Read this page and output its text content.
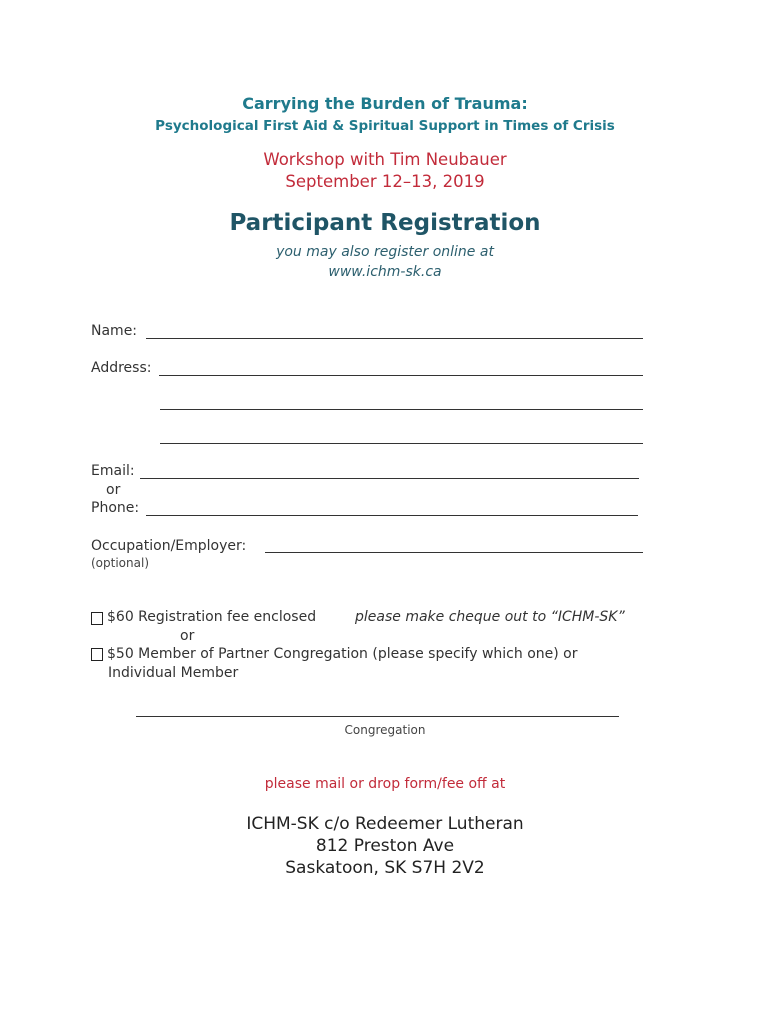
Carrying the Burden of Trauma:
Psychological First Aid & Spiritual Support in Times of Crisis
Workshop with Tim Neubauer
September 12–13, 2019
Participant Registration
you may also register online at
www.ichm-sk.ca
Name:
Address:
Email:
or
Phone:
Occupation/Employer:
(optional)
$60 Registration fee enclosed	please make cheque out to “ICHM-SK”
or
$50 Member of Partner Congregation (please specify which one) or
Individual Member
Congregation
please mail or drop form/fee off at
ICHM-SK c/o Redeemer Lutheran
812 Preston Ave
Saskatoon, SK S7H 2V2
